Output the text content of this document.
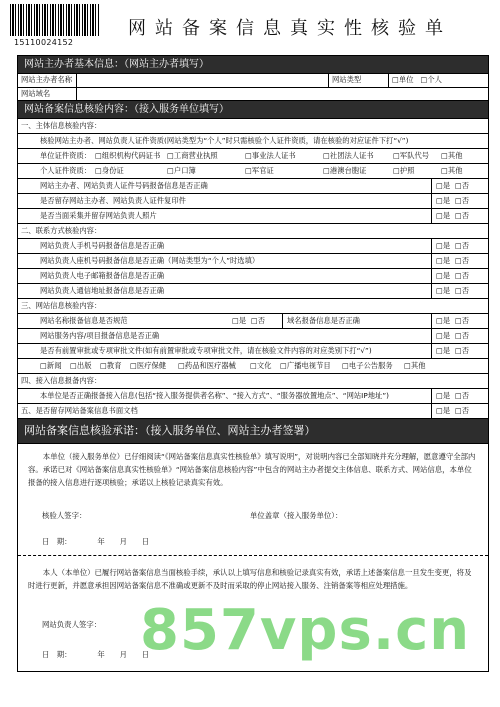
15110024152
网站备案信息真实性核验单
网站主办者基本信息：（网站主办者填写）
网站主办者名称	网站类型	□单位 □个人
网站域名
网站备案信息核验内容：（接入服务单位填写）
一、主体信息核验内容：
核验网站主办者、网站负责人证件资质(网站类型为“个人”时只需核验个人证件资质，请在核验的对应证件下打“√”)
单位证件资质： □组织机构代码证书 □工商营业执照	□事业法人证书	□社团法人证书	□军队代号	□其他
个人证件资质： □身份证	□户口簿	□军官证	□港澳台胞证	□护照	□其他
网站主办者、网站负责人证件号码报备信息是否正确	□是 □否
是否留存网站主办者、网站负责人证件复印件	□是 □否
是否当面采集并留存网站负责人照片	□是 □否
二、联系方式核验内容：
网站负责人手机号码报备信息是否正确	□是 □否
网站负责人座机号码报备信息是否正确（网站类型为“个人”时选填）	□是 □否
网站负责人电子邮箱报备信息是否正确	□是 □否
网站负责人通信地址报备信息是否正确	□是 □否
三、网站信息核验内容：
网站名称报备信息是否规范	□是 □否	域名报备信息是否正确	□是 □否
网站服务内容/项目报备信息是否正确	□是 □否
是否有前置审批或专项审批文件(如有前置审批或专项审批文件，请在核验文件内容的对应类别下打“√”)	□是 □否
□新闻	□出版	□教育	□医疗保健	□药品和医疗器械	□文化	□广播电视节目	□电子公告服务	□其他
四、接入信息报备内容：
本单位是否正确报备接入信息(包括“接入服务提供者名称”、“接入方式”、“服务器放置地点”、“网站IP地址”)	□是 □否
五、是否留存网站备案信息书面文档	□是 □否
网站备案信息核验承诺：（接入服务单位、网站主办者签署）
本单位（接入服务单位）已仔细阅读“《网站备案信息真实性核验单》填写说明”，对说明内容已全部知晓并充分理解，愿意遵守全部内容。承诺已对《网站备案信息真实性核验单》“网站备案信息核验内容”中包含的网站主办者提交主体信息、联系方式、网站信息，本单位报备的接入信息进行逐项核验；承诺以上核验记录真实有效。
核验人签字：	单位盖章（接入服务单位）：
日　期：　　　　年　　月　　日
本人（本单位）已履行网站备案信息当面核验手续，承认以上填写信息和核验记录真实有效，承诺上述备案信息一旦发生变更，将及时进行更新，并愿意承担因网站备案信息不准确或更新不及时而采取的停止网站接入服务、注销备案等相应处理措施。
网站负责人签字：
日　期：　　　　年　　月　　日
857vps.cn
